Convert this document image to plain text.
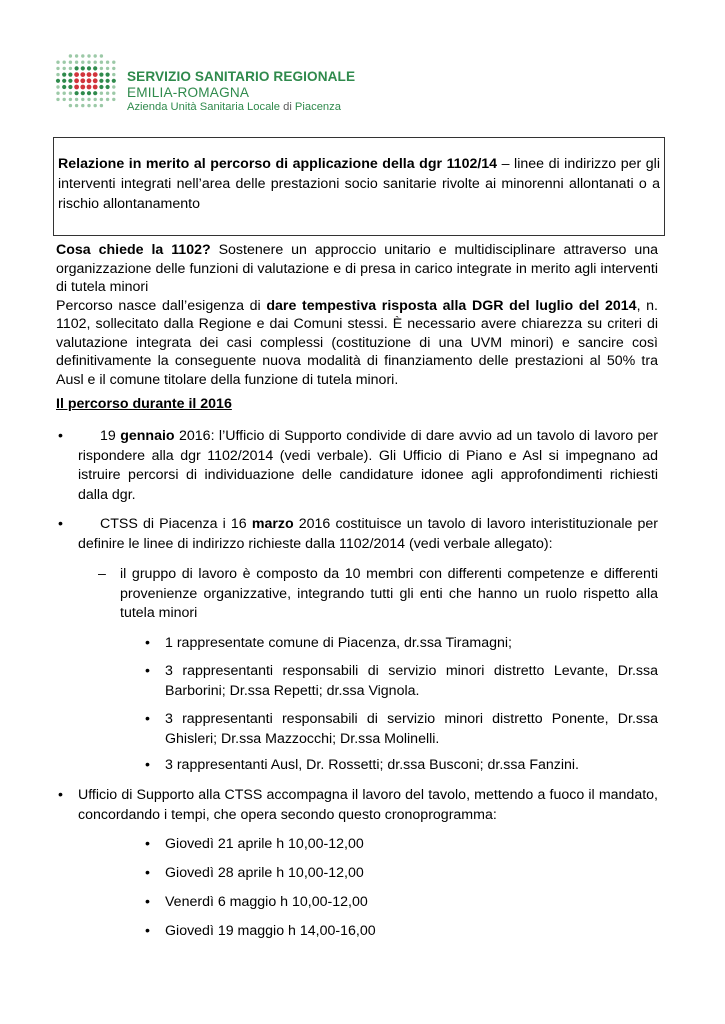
SERVIZIO SANITARIO REGIONALE
EMILIA-ROMAGNA
Azienda Unità Sanitaria Locale di Piacenza
Relazione in merito al percorso di applicazione della dgr 1102/14 – linee di indirizzo per gli interventi integrati nell’area delle prestazioni socio sanitarie rivolte ai minorenni allontanati o a rischio allontanamento

Cosa chiede la 1102? Sostenere un approccio unitario e multidisciplinare attraverso una organizzazione delle funzioni di valutazione e di presa in carico integrate in merito agli interventi di tutela minori

Percorso nasce dall’esigenza di dare tempestiva risposta alla DGR del luglio del 2014, n. 1102, sollecitato dalla Regione e dai Comuni stessi. È necessario avere chiarezza su criteri di valutazione integrata dei casi complessi (costituzione di una UVM minori) e sancire così definitivamente la conseguente nuova modalità di finanziamento delle prestazioni al 50% tra Ausl e il comune titolare della funzione di tutela minori.

Il percorso durante il 2016
•	19 gennaio 2016: l’Ufficio di Supporto condivide di dare avvio ad un tavolo di lavoro per rispondere alla dgr 1102/2014 (vedi verbale). Gli Ufficio di Piano e Asl si impegnano ad istruire percorsi di individuazione delle candidature idonee agli approfondimenti richiesti dalla dgr.

•	CTSS di Piacenza i 16 marzo 2016 costituisce un tavolo di lavoro interistituzionale per definire le linee di indirizzo richieste dalla 1102/2014 (vedi verbale allegato):

– il gruppo di lavoro è composto da 10 membri con differenti competenze e differenti provenienze organizzative, integrando tutti gli enti che hanno un ruolo rispetto alla tutela minori

• 1 rappresentate comune di Piacenza, dr.ssa Tiramagni;

• 3 rappresentanti responsabili di servizio minori distretto Levante, Dr.ssa Barborini; Dr.ssa Repetti; dr.ssa Vignola.

• 3 rappresentanti responsabili di servizio minori distretto Ponente, Dr.ssa Ghisleri; Dr.ssa Mazzocchi; Dr.ssa Molinelli.

• 3 rappresentanti Ausl, Dr. Rossetti; dr.ssa Busconi; dr.ssa Fanzini.

• Ufficio di Supporto alla CTSS accompagna il lavoro del tavolo, mettendo a fuoco il mandato, concordando i tempi, che opera secondo questo cronoprogramma:

• Giovedì 21 aprile h 10,00-12,00

• Giovedì 28 aprile h 10,00-12,00

• Venerdì 6 maggio h 10,00-12,00

• Giovedì 19 maggio h 14,00-16,00
